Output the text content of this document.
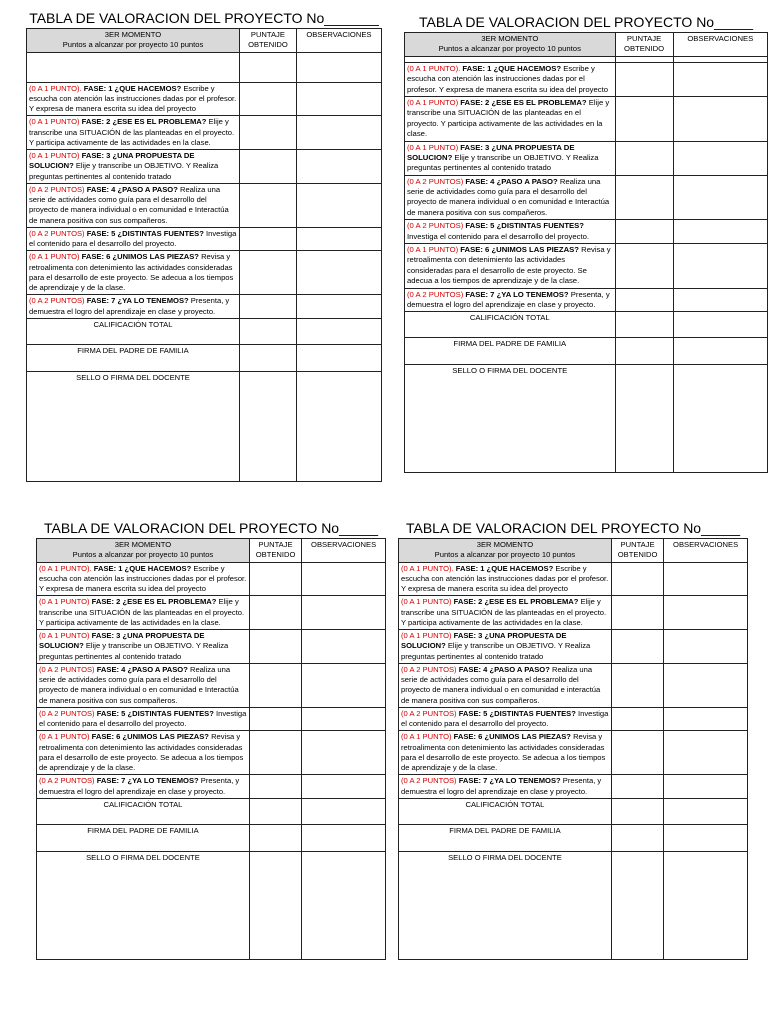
TABLA DE VALORACION DEL PROYECTO No_______
3ER MOMENTO
Puntos a alcanzar por proyecto 10 puntos	PUNTAJE OBTENIDO	OBSERVACIONES

(0 A 1 PUNTO). FASE: 1 ¿QUE HACEMOS? Escribe y escucha con atención las instrucciones dadas por el profesor. Y expresa de manera escrita su idea del proyecto		
(0 A 1 PUNTO) FASE: 2 ¿ESE ES EL PROBLEMA? Elije y transcribe una SITUACIÓN de las planteadas en el proyecto. Y participa activamente de las actividades en la clase.		
(0 A 1 PUNTO) FASE: 3 ¿UNA PROPUESTA DE SOLUCION? Elije y transcribe un OBJETIVO. Y Realiza preguntas pertinentes al contenido tratado		
(0 A 2 PUNTOS) FASE: 4 ¿PASO A PASO? Realiza una serie de actividades como guía para el desarrollo del proyecto de manera individual o en comunidad e Interactúa de manera positiva con sus compañeros.		
(0 A 2 PUNTOS) FASE: 5 ¿DISTINTAS FUENTES? Investiga el contenido para el desarrollo del proyecto.		
(0 A 1 PUNTO) FASE: 6 ¿UNIMOS LAS PIEZAS? Revisa y retroalimenta con detenimiento las actividades consideradas para el desarrollo de este proyecto. Se adecua a los tiempos de aprendizaje y de la clase.		
(0 A 2 PUNTOS) FASE: 7 ¿YA LO TENEMOS? Presenta, y demuestra el logro del aprendizaje en clase y proyecto.		
CALIFICACIÓN TOTAL		
FIRMA DEL PADRE DE FAMILIA		
SELLO O FIRMA DEL DOCENTE		
TABLA DE VALORACION DEL PROYECTO No_____
3ER MOMENTO
Puntos a alcanzar por proyecto 10 puntos	PUNTAJE OBTENIDO	OBSERVACIONES

(0 A 1 PUNTO). FASE: 1 ¿QUE HACEMOS? Escribe y escucha con atención las instrucciones dadas por el profesor. Y expresa de manera escrita su idea del proyecto		
(0 A 1 PUNTO) FASE: 2 ¿ESE ES EL PROBLEMA? Elije y transcribe una SITUACIÓN de las planteadas en el proyecto. Y participa activamente de las actividades en la clase.		
(0 A 1 PUNTO) FASE: 3 ¿UNA PROPUESTA DE SOLUCION? Elije y transcribe un OBJETIVO. Y Realiza preguntas pertinentes al contenido tratado		
(0 A 2 PUNTOS) FASE: 4 ¿PASO A PASO? Realiza una serie de actividades como guía para el desarrollo del proyecto de manera individual o en comunidad e Interactúa de manera positiva con sus compañeros.		
(0 A 2 PUNTOS) FASE: 5 ¿DISTINTAS FUENTES? Investiga el contenido para el desarrollo del proyecto.		
(0 A 1 PUNTO) FASE: 6 ¿UNIMOS LAS PIEZAS? Revisa y retroalimenta con detenimiento las actividades consideradas para el desarrollo de este proyecto. Se adecua a los tiempos de aprendizaje y de la clase.		
(0 A 2 PUNTOS) FASE: 7 ¿YA LO TENEMOS? Presenta, y demuestra el logro del aprendizaje en clase y proyecto.		
CALIFICACIÓN TOTAL		
FIRMA DEL PADRE DE FAMILIA		
SELLO O FIRMA DEL DOCENTE		
TABLA DE VALORACION DEL PROYECTO No_____
3ER MOMENTO
Puntos a alcanzar por proyecto 10 puntos	PUNTAJE OBTENIDO	OBSERVACIONES
(0 A 1 PUNTO). FASE: 1 ¿QUE HACEMOS? Escribe y escucha con atención las instrucciones dadas por el profesor. Y expresa de manera escrita su idea del proyecto		
(0 A 1 PUNTO) FASE: 2 ¿ESE ES EL PROBLEMA? Elije y transcribe una SITUACIÓN de las planteadas en el proyecto. Y participa activamente de las actividades en la clase.		
(0 A 1 PUNTO) FASE: 3 ¿UNA PROPUESTA DE SOLUCION? Elije y transcribe un OBJETIVO. Y Realiza preguntas pertinentes al contenido tratado		
(0 A 2 PUNTOS) FASE: 4 ¿PASO A PASO? Realiza una serie de actividades como guía para el desarrollo del proyecto de manera individual o en comunidad e Interactúa de manera positiva con sus compañeros.		
(0 A 2 PUNTOS) FASE: 5 ¿DISTINTAS FUENTES? Investiga el contenido para el desarrollo del proyecto.		
(0 A 1 PUNTO) FASE: 6 ¿UNIMOS LAS PIEZAS? Revisa y retroalimenta con detenimiento las actividades consideradas para el desarrollo de este proyecto. Se adecua a los tiempos de aprendizaje y de la clase.		
(0 A 2 PUNTOS) FASE: 7 ¿YA LO TENEMOS? Presenta, y demuestra el logro del aprendizaje en clase y proyecto.		
CALIFICACIÓN TOTAL		
FIRMA DEL PADRE DE FAMILIA		
SELLO O FIRMA DEL DOCENTE		
TABLA DE VALORACION DEL PROYECTO No_____
3ER MOMENTO
Puntos a alcanzar por proyecto 10 puntos	PUNTAJE OBTENIDO	OBSERVACIONES
(0 A 1 PUNTO). FASE: 1 ¿QUE HACEMOS? Escribe y escucha con atención las instrucciones dadas por el profesor. Y expresa de manera escrita su idea del proyecto		
(0 A 1 PUNTO) FASE: 2 ¿ESE ES EL PROBLEMA? Elije y transcribe una SITUACIÓN de las planteadas en el proyecto. Y participa activamente de las actividades en la clase.		
(0 A 1 PUNTO) FASE: 3 ¿UNA PROPUESTA DE SOLUCION? Elije y transcribe un OBJETIVO. Y Realiza preguntas pertinentes al contenido tratado		
(0 A 2 PUNTOS) FASE: 4 ¿PASO A PASO? Realiza una serie de actividades como guía para el desarrollo del proyecto de manera individual o en comunidad e interactúa de manera positiva con sus compañeros.		
(0 A 2 PUNTOS) FASE: 5 ¿DISTINTAS FUENTES? Investiga el contenido para el desarrollo del proyecto.		
(0 A 1 PUNTO) FASE: 6 ¿UNIMOS LAS PIEZAS? Revisa y retroalimenta con detenimiento las actividades consideradas para el desarrollo de este proyecto. Se adecua a los tiempos de aprendizaje y de la clase.		
(0 A 2 PUNTOS) FASE: 7 ¿YA LO TENEMOS? Presenta, y demuestra el logro del aprendizaje en clase y proyecto.		
CALIFICACIÓN TOTAL		
FIRMA DEL PADRE DE FAMILIA		
SELLO O FIRMA DEL DOCENTE		
